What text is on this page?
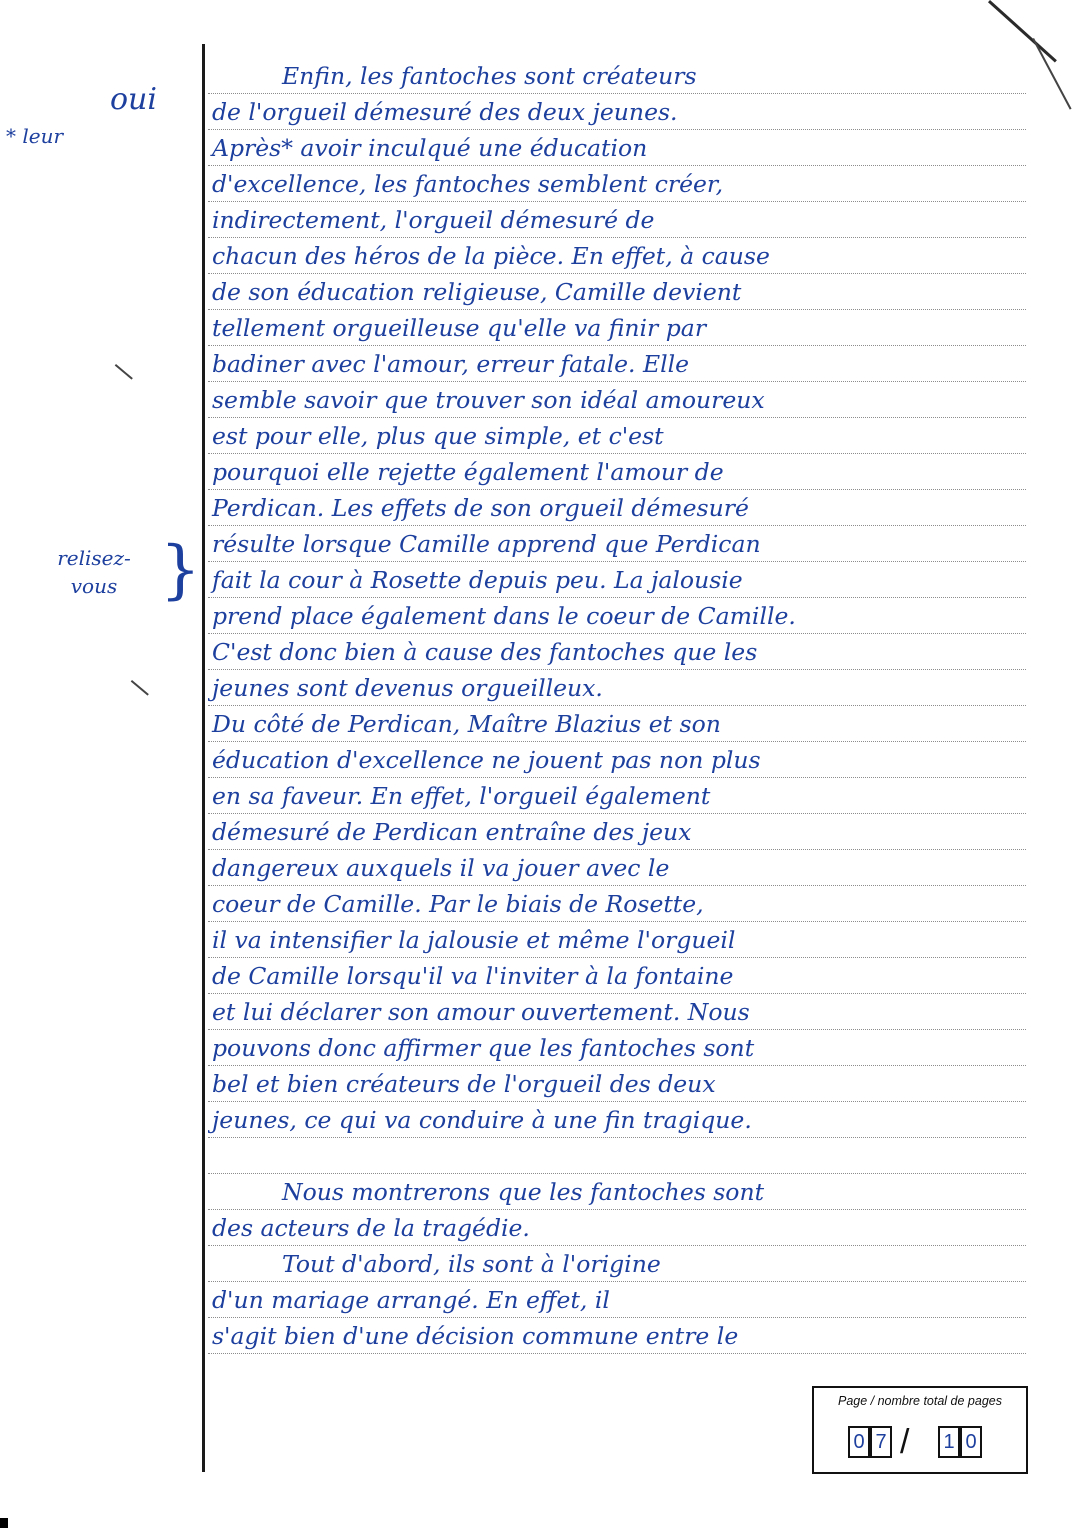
oui
* leur
relisez-
vous }
Enfin, les fantoches sont créateurs
de l'orgueil démesuré des deux jeunes.
Après* avoir inculqué une éducation
d'excellence, les fantoches semblent créer,
indirectement, l'orgueil démesuré de
chacun des héros de la pièce. En effet, à cause
de son éducation religieuse, Camille devient
tellement orgueilleuse qu'elle va finir par
badiner avec l'amour, erreur fatale. Elle
semble savoir que trouver son idéal amoureux
est pour elle, plus que simple, et c'est
pourquoi elle rejette également l'amour de
Perdican. Les effets de son orgueil démesuré
résulte lorsque Camille apprend que Perdican
fait la cour à Rosette depuis peu. La jalousie
prend place également dans le coeur de Camille.
C'est donc bien à cause des fantoches que les
jeunes sont devenus orgueilleux.
Du côté de Perdican, Maître Blazius et son
éducation d'excellence ne jouent pas non plus
en sa faveur. En effet, l'orgueil également
démesuré de Perdican entraîne des jeux
dangereux auxquels il va jouer avec le
coeur de Camille. Par le biais de Rosette,
il va intensifier la jalousie et même l'orgueil
de Camille lorsqu'il va l'inviter à la fontaine
et lui déclarer son amour ouvertement. Nous
pouvons donc affirmer que les fantoches sont
bel et bien créateurs de l'orgueil des deux
jeunes, ce qui va conduire à une fin tragique.
Nous montrerons que les fantoches sont
des acteurs de la tragédie.
Tout d'abord, ils sont à l'origine
d'un mariage arrangé. En effet, il
s'agit bien d'une décision commune entre le
Page / nombre total de pages
0 7 / 1 0
